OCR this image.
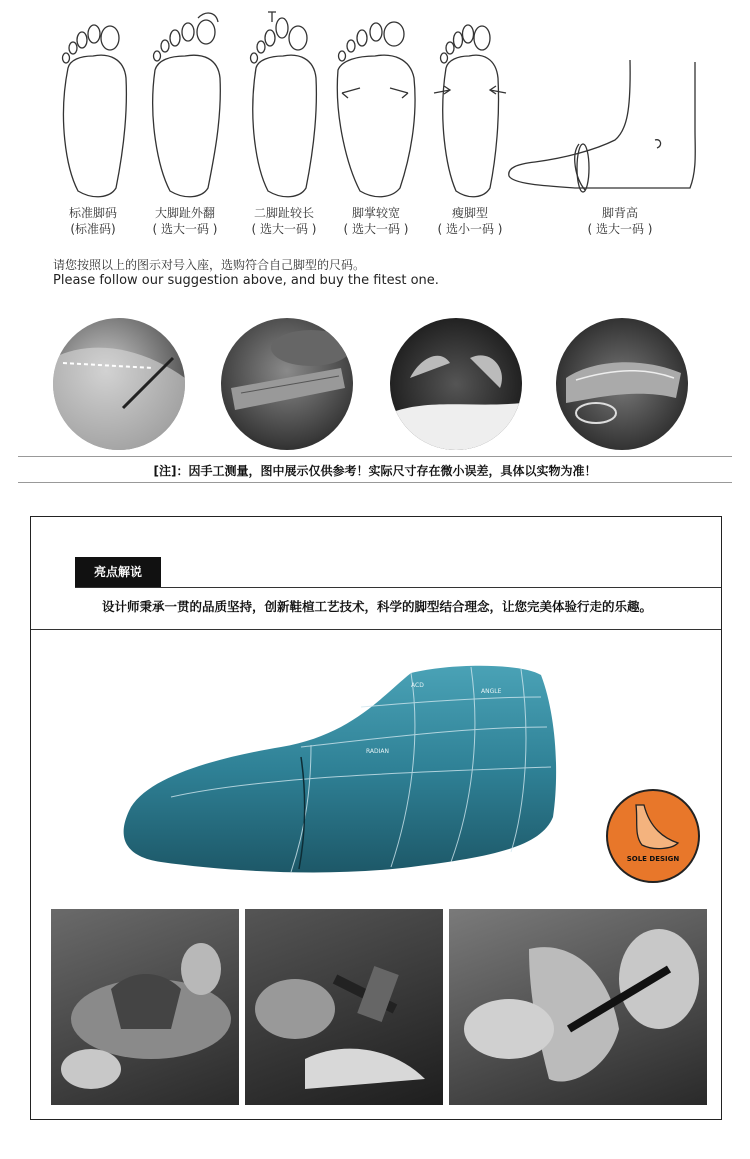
标准脚码
(标准码)
大脚趾外翻
( 选大一码 )
二脚趾较长
( 选大一码 )
脚掌较宽
( 选大一码 )
瘦脚型
( 选小一码 )
脚背高
( 选大一码 )
请您按照以上的图示对号入座，选购符合自己脚型的尺码。
Please follow our suggestion above, and buy the fitest one.
[注]：因手工测量，图中展示仅供参考！实际尺寸存在微小误差，具体以实物为准！
亮点解说
设计师秉承一贯的品质坚持，创新鞋楦工艺技术，科学的脚型结合理念，让您完美体验行走的乐趣。
ACD
ANGLE
RADIAN
SOLE DESIGN
